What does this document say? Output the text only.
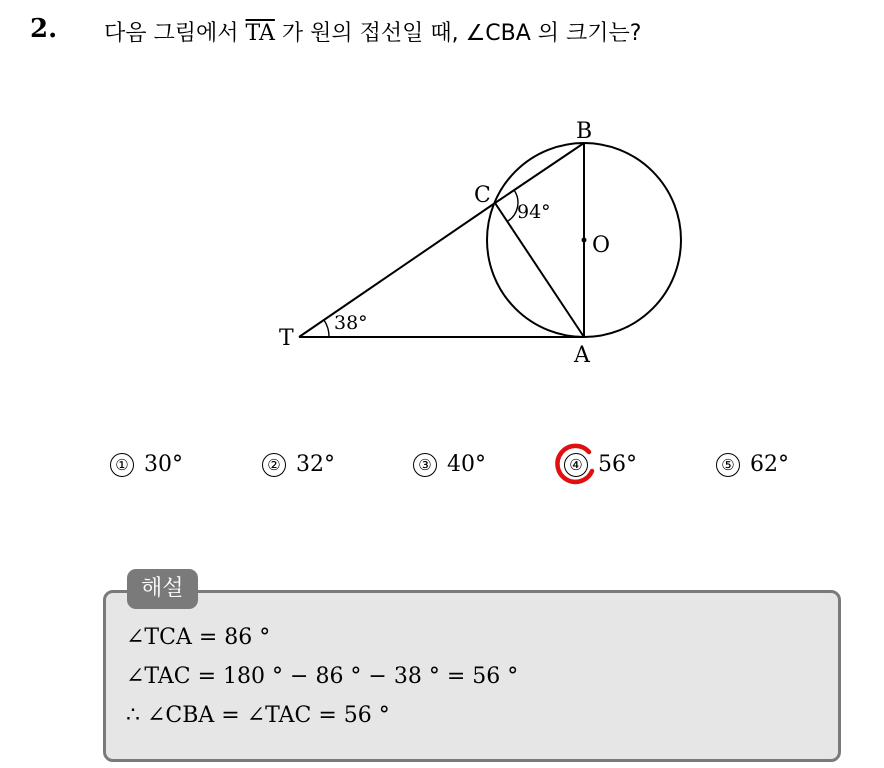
2. 다음 그림에서 $\overline{TA}$ 가 원의 접선일 때, ∠CBA 의 크기는?
T
A
B
C
O
38°
94°
① 30°	② 32°	③ 40°	④ 56°	⑤ 62°
해설
∠TCA = 86 °
∠TAC = 180 ° − 86 ° − 38 ° = 56 °
∴ ∠CBA = ∠TAC = 56 °
